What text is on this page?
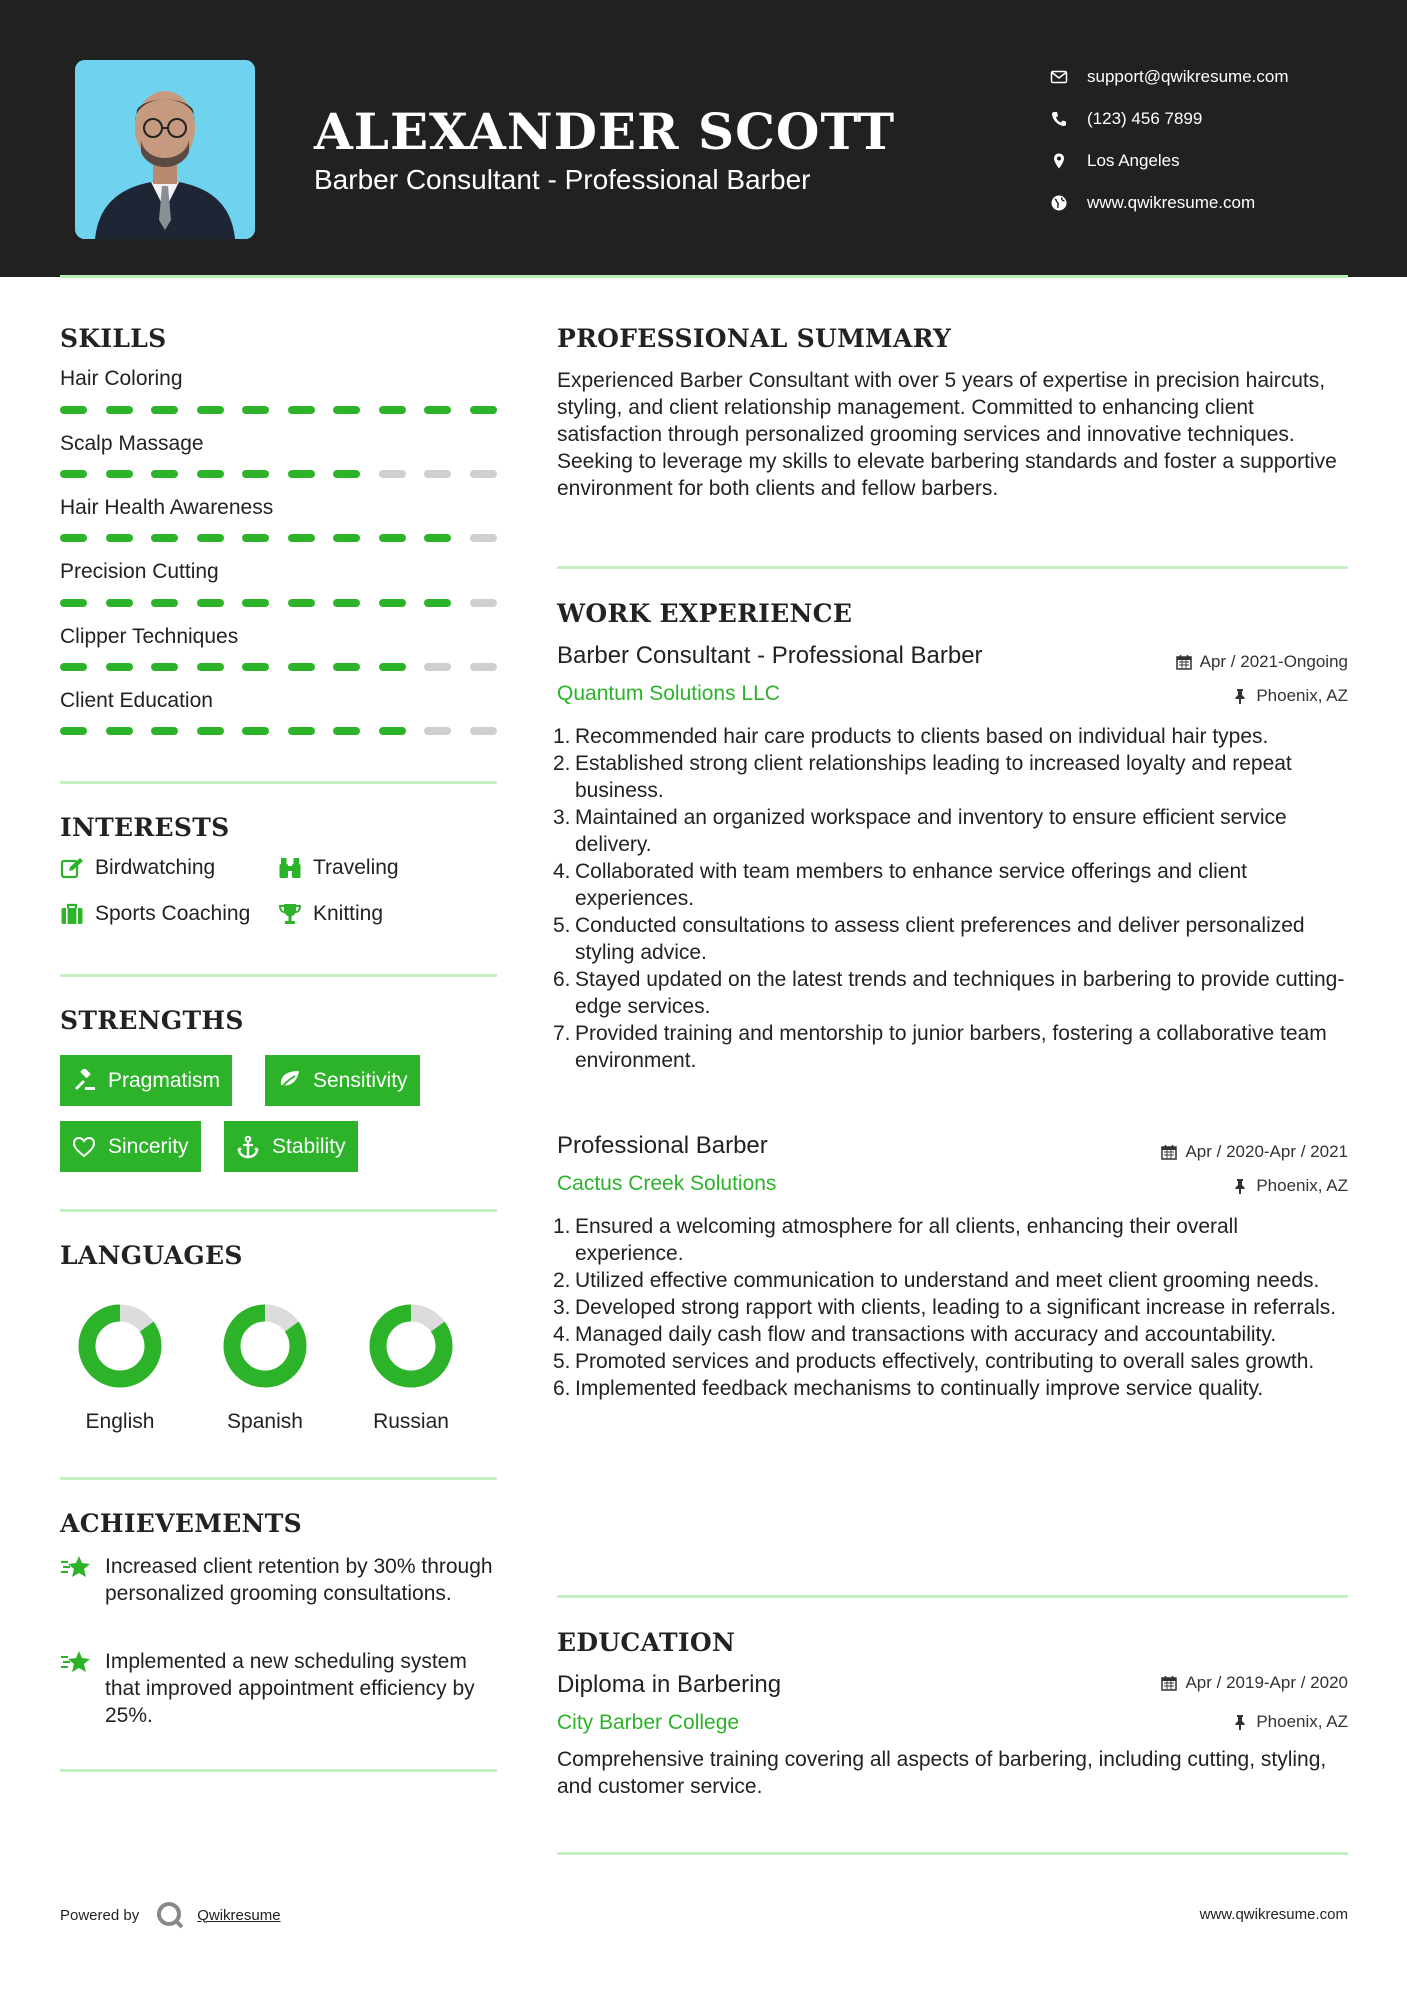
ALEXANDER SCOTT
Barber Consultant - Professional Barber
support@qwikresume.com
(123) 456 7899
Los Angeles
www.qwikresume.com
SKILLS
Hair Coloring
Scalp Massage
Hair Health Awareness
Precision Cutting
Clipper Techniques
Client Education
INTERESTS
Birdwatching	Traveling
Sports Coaching	Knitting
STRENGTHS
Pragmatism	Sensitivity
Sincerity	Stability
LANGUAGES
English	Spanish	Russian
ACHIEVEMENTS
Increased client retention by 30% through personalized grooming consultations.
Implemented a new scheduling system that improved appointment efficiency by 25%.
PROFESSIONAL SUMMARY
Experienced Barber Consultant with over 5 years of expertise in precision haircuts, styling, and client relationship management. Committed to enhancing client satisfaction through personalized grooming services and innovative techniques. Seeking to leverage my skills to elevate barbering standards and foster a supportive environment for both clients and fellow barbers.
WORK EXPERIENCE
Barber Consultant - Professional Barber	Apr / 2021-Ongoing
Quantum Solutions LLC	Phoenix, AZ
1. Recommended hair care products to clients based on individual hair types.
2. Established strong client relationships leading to increased loyalty and repeat business.
3. Maintained an organized workspace and inventory to ensure efficient service delivery.
4. Collaborated with team members to enhance service offerings and client experiences.
5. Conducted consultations to assess client preferences and deliver personalized styling advice.
6. Stayed updated on the latest trends and techniques in barbering to provide cutting-edge services.
7. Provided training and mentorship to junior barbers, fostering a collaborative team environment.
Professional Barber	Apr / 2020-Apr / 2021
Cactus Creek Solutions	Phoenix, AZ
1. Ensured a welcoming atmosphere for all clients, enhancing their overall experience.
2. Utilized effective communication to understand and meet client grooming needs.
3. Developed strong rapport with clients, leading to a significant increase in referrals.
4. Managed daily cash flow and transactions with accuracy and accountability.
5. Promoted services and products effectively, contributing to overall sales growth.
6. Implemented feedback mechanisms to continually improve service quality.
EDUCATION
Diploma in Barbering	Apr / 2019-Apr / 2020
City Barber College	Phoenix, AZ
Comprehensive training covering all aspects of barbering, including cutting, styling, and customer service.
Powered by	Qwikresume	www.qwikresume.com
